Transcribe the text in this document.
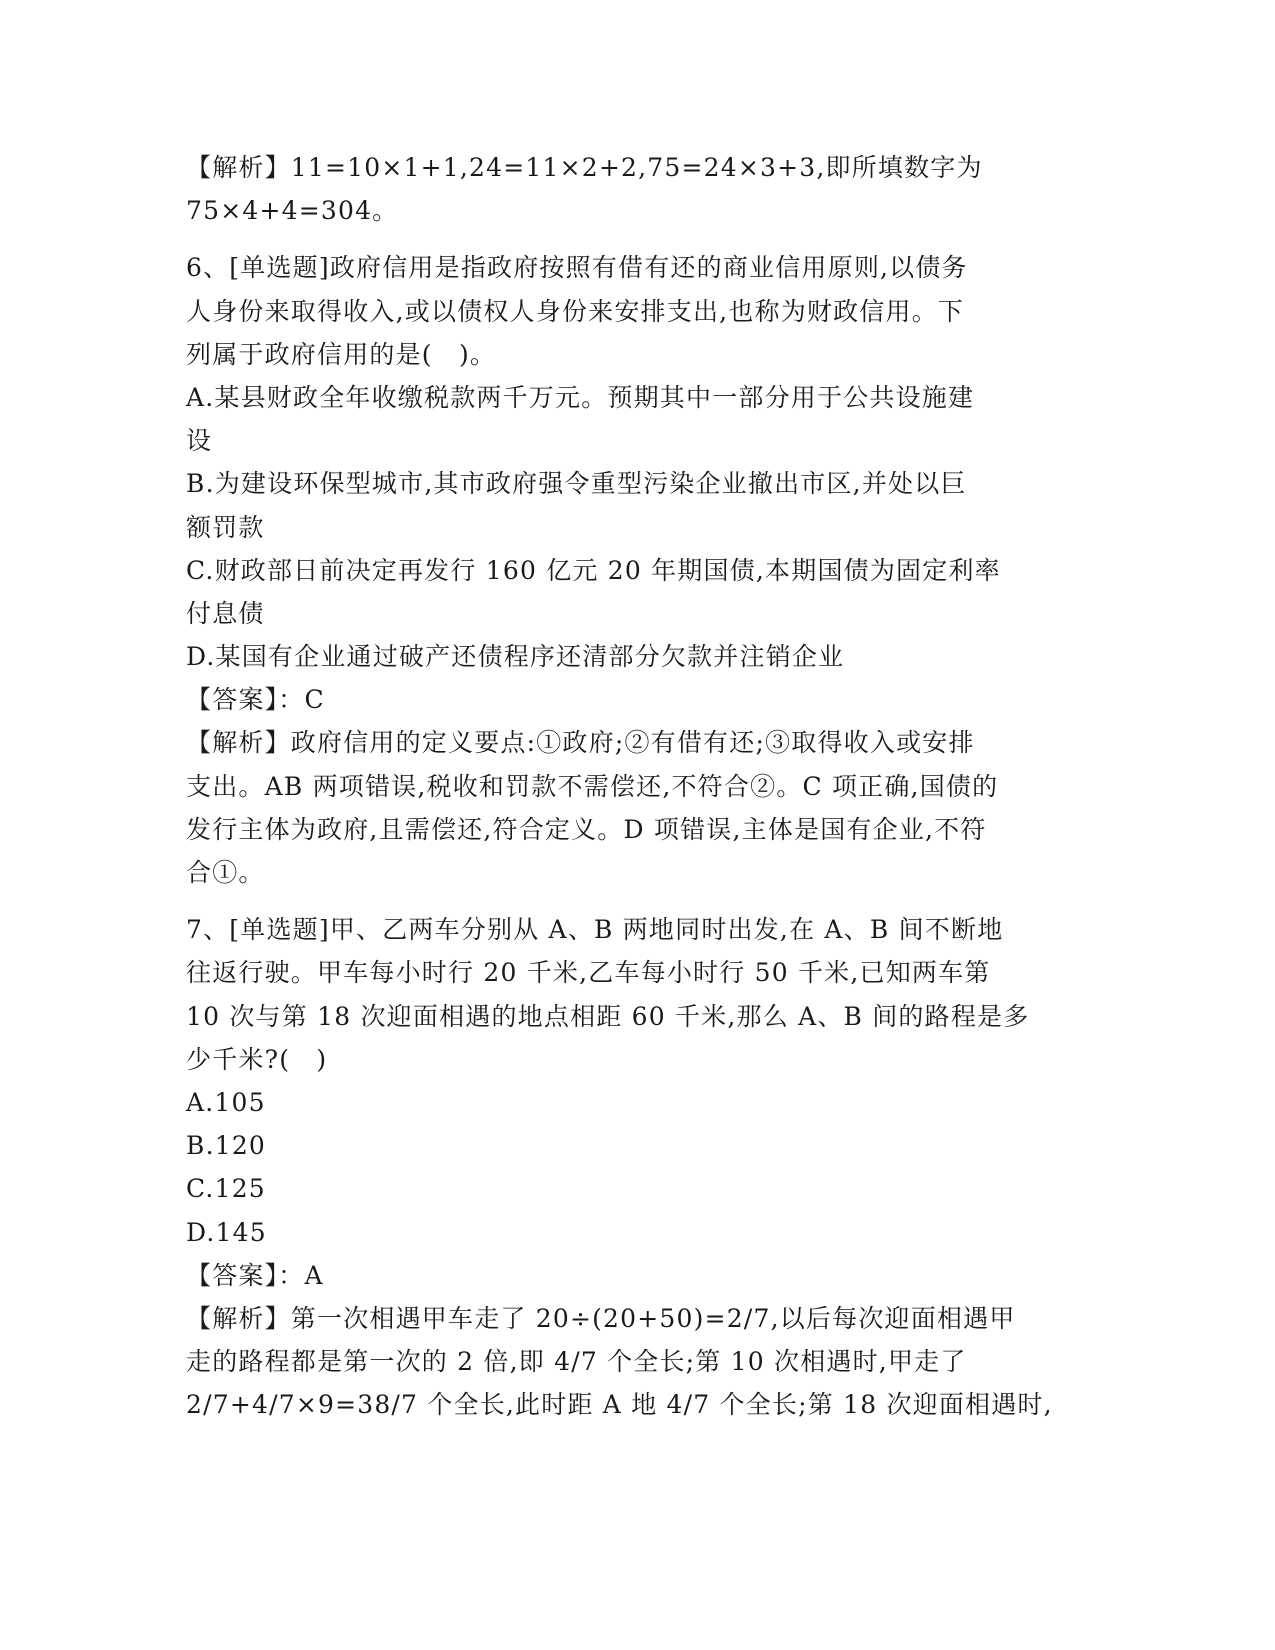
【解析】11=10×1+1,24=11×2+2,75=24×3+3,即所填数字为
75×4+4=304。
6、[单选题]政府信用是指政府按照有借有还的商业信用原则,以债务
人身份来取得收入,或以债权人身份来安排支出,也称为财政信用。下
列属于政府信用的是(　)。
A.某县财政全年收缴税款两千万元。预期其中一部分用于公共设施建
设
B.为建设环保型城市,其市政府强令重型污染企业撤出市区,并处以巨
额罚款
C.财政部日前决定再发行 160 亿元 20 年期国债,本期国债为固定利率
付息债
D.某国有企业通过破产还债程序还清部分欠款并注销企业
【答案】：C
【解析】政府信用的定义要点:①政府;②有借有还;③取得收入或安排
支出。AB 两项错误,税收和罚款不需偿还,不符合②。C 项正确,国债的
发行主体为政府,且需偿还,符合定义。D 项错误,主体是国有企业,不符
合①。
7、[单选题]甲、乙两车分别从 A、B 两地同时出发,在 A、B 间不断地
往返行驶。甲车每小时行 20 千米,乙车每小时行 50 千米,已知两车第
10 次与第 18 次迎面相遇的地点相距 60 千米,那么 A、B 间的路程是多
少千米?(　)
A.105
B.120
C.125
D.145
【答案】：A
【解析】第一次相遇甲车走了 20÷(20+50)=2/7,以后每次迎面相遇甲
走的路程都是第一次的 2 倍,即 4/7 个全长;第 10 次相遇时,甲走了
2/7+4/7×9=38/7 个全长,此时距 A 地 4/7 个全长;第 18 次迎面相遇时,
